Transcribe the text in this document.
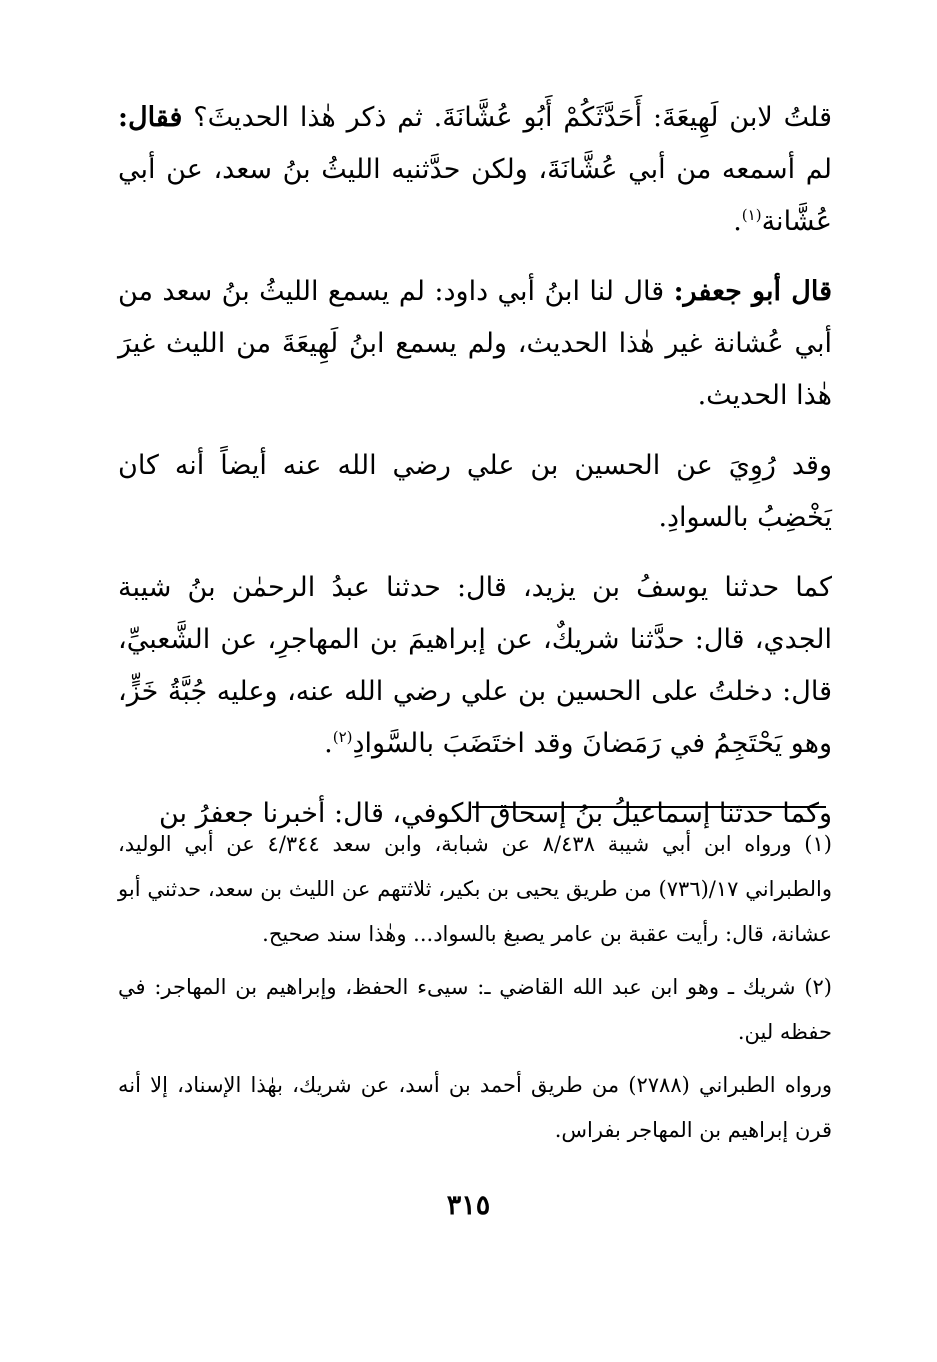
قلتُ لابن لَهِيعَةَ: أَحَدَّثَكُمْ أَبُو عُشَّانَةَ. ثم ذكر هٰذا الحديثَ؟ فقال: لم أسمعه من أبي عُشَّانَةَ، ولكن حدَّثنيه الليثُ بنُ سعد، عن أبي عُشَّانة$^{(١)}$.

قال أبو جعفر: قال لنا ابنُ أبي داود: لم يسمع الليثُ بنُ سعد من أبي عُشانة غير هٰذا الحديث، ولم يسمع ابنُ لَهِيعَةَ من الليث غيرَ هٰذا الحديث.

وقد رُوِيَ عن الحسين بن علي رضي الله عنه أيضاً أنه كان يَخْضِبُ بالسوادِ.

كما حدثنا يوسفُ بن يزيد، قال: حدثنا عبدُ الرحمٰن بنُ شيبة الجدي، قال: حدَّثنا شريكٌ، عن إبراهيمَ بن المهاجرِ، عن الشَّعبيِّ، قال: دخلتُ على الحسين بن علي رضي الله عنه، وعليه جُبَّةُ خَزٍّ، وهو يَحْتَجِمُ في رَمَضانَ وقد اختَضَبَ بالسَّوادِ$^{(٢)}$.

وكما حدثنا إسماعيلُ بنُ إسحاق الكوفي، قال: أخبرنا جعفرُ بن

(١) ورواه ابن أبي شيبة ٨/٤٣٨ عن شبابة، وابن سعد ٤/٣٤٤ عن أبي الوليد، والطبراني ١٧/(٧٣٦) من طريق يحيى بن بكير، ثلاثتهم عن الليث بن سعد، حدثني أبو عشانة، قال: رأيت عقبة بن عامر يصبغ بالسواد... وهٰذا سند صحيح.

(٢) شريك ـ وهو ابن عبد الله القاضي ـ: سيىء الحفظ، وإبراهيم بن المهاجر: في حفظه لين.

ورواه الطبراني (٢٧٨٨) من طريق أحمد بن أسد، عن شريك، بهٰذا الإسناد، إلا أنه قرن إبراهيم بن المهاجر بفراس.

٣١٥
